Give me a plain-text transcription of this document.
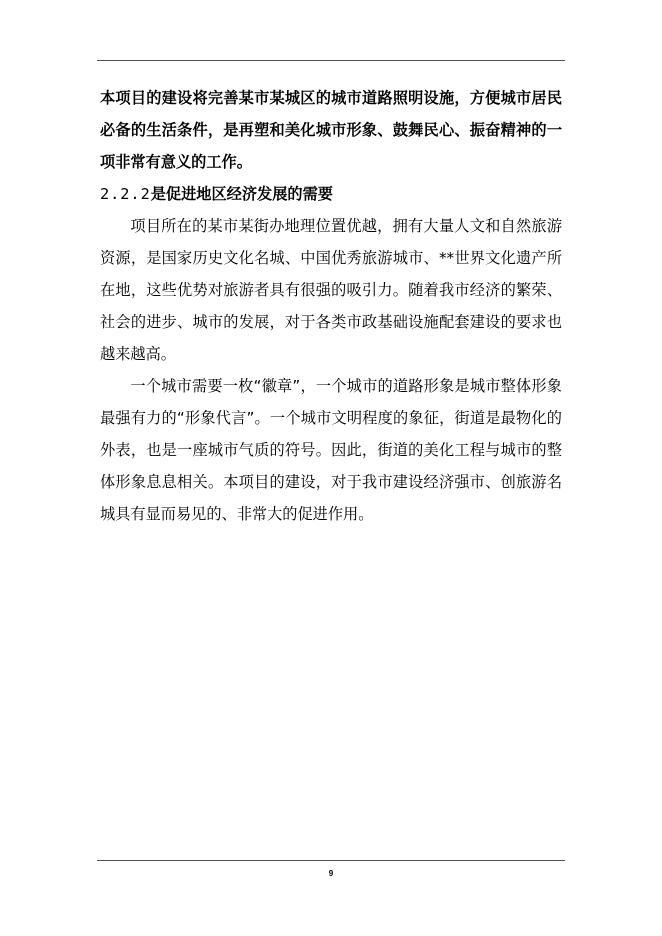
本项目的建设将完善某市某城区的城市道路照明设施，方便城市居民必备的生活条件，是再塑和美化城市形象、鼓舞民心、振奋精神的一项非常有意义的工作。

2.2.2是促进地区经济发展的需要

项目所在的某市某街办地理位置优越，拥有大量人文和自然旅游资源，是国家历史文化名城、中国优秀旅游城市、**世界文化遗产所在地，这些优势对旅游者具有很强的吸引力。随着我市经济的繁荣、社会的进步、城市的发展，对于各类市政基础设施配套建设的要求也越来越高。

一个城市需要一枚“徽章”，一个城市的道路形象是城市整体形象最强有力的“形象代言”。一个城市文明程度的象征，街道是最物化的外表，也是一座城市气质的符号。因此，街道的美化工程与城市的整体形象息息相关。本项目的建设，对于我市建设经济强市、创旅游名城具有显而易见的、非常大的促进作用。

9
